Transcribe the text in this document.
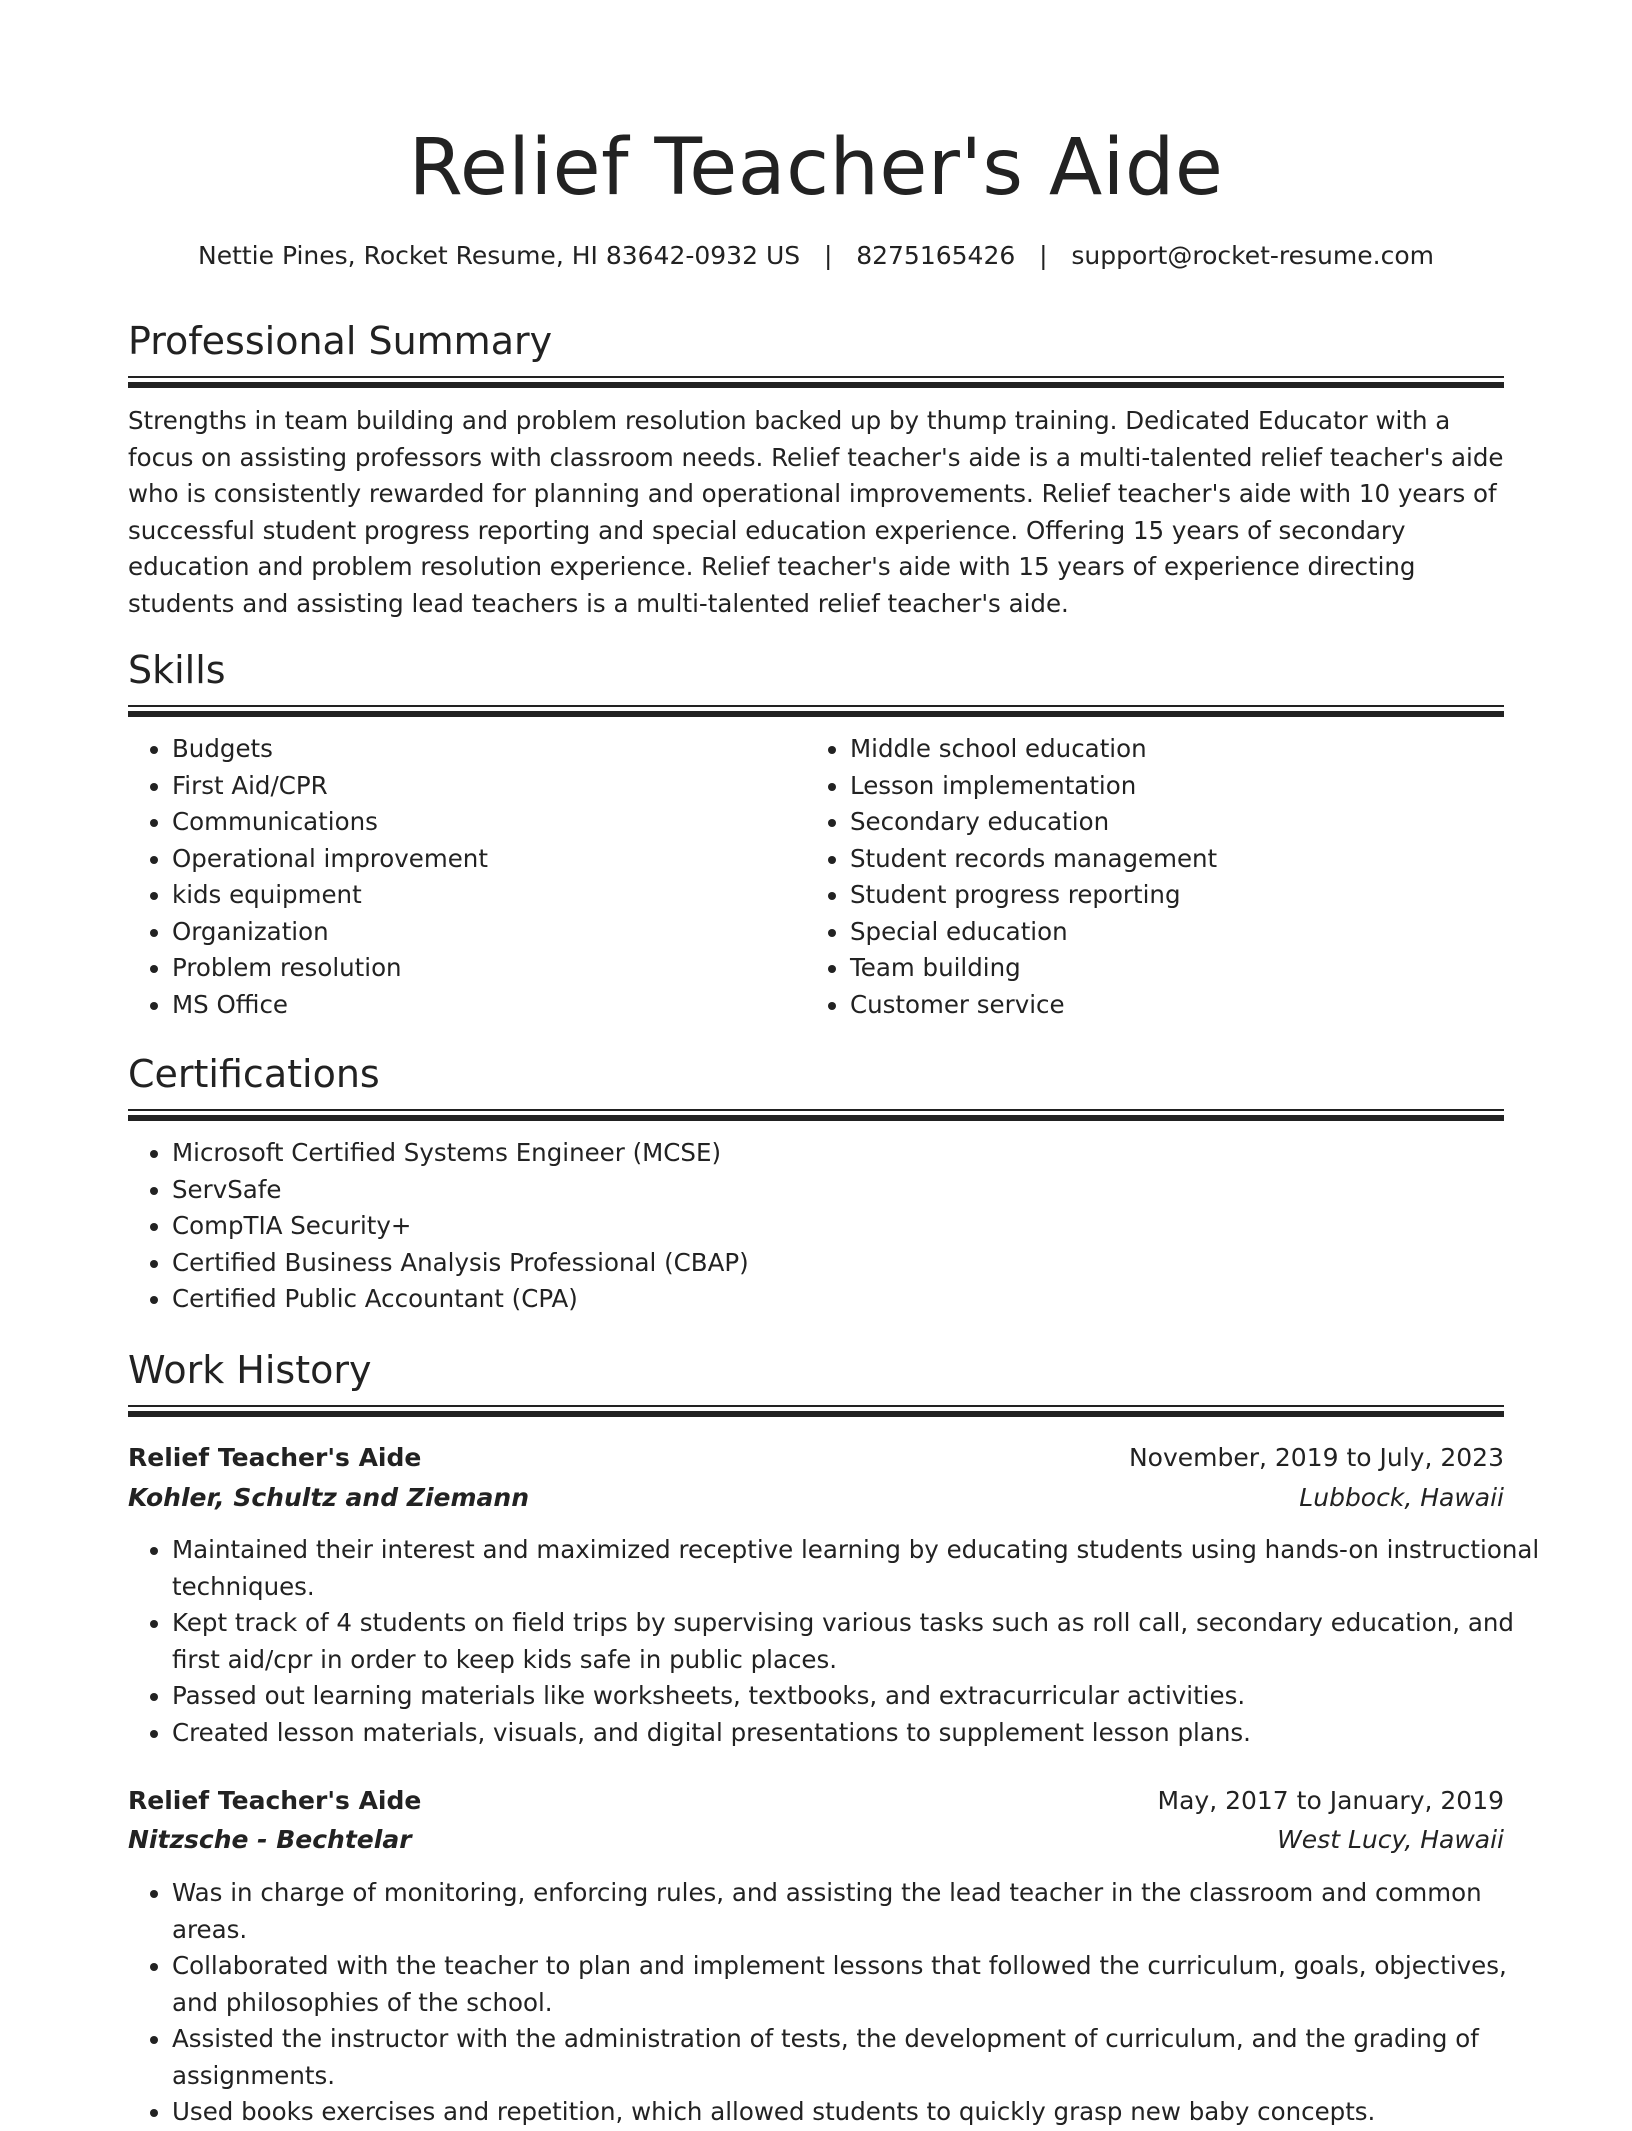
Relief Teacher's Aide
Nettie Pines, Rocket Resume, HI 83642-0932 US   |   8275165426   |   support@rocket-resume.com
Professional Summary
Strengths in team building and problem resolution backed up by thump training. Dedicated Educator with a focus on assisting professors with classroom needs. Relief teacher's aide is a multi-talented relief teacher's aide who is consistently rewarded for planning and operational improvements. Relief teacher's aide with 10 years of successful student progress reporting and special education experience. Offering 15 years of secondary education and problem resolution experience. Relief teacher's aide with 15 years of experience directing students and assisting lead teachers is a multi-talented relief teacher's aide.
Skills
• Budgets
• First Aid/CPR
• Communications
• Operational improvement
• kids equipment
• Organization
• Problem resolution
• MS Office
• Middle school education
• Lesson implementation
• Secondary education
• Student records management
• Student progress reporting
• Special education
• Team building
• Customer service
Certifications
• Microsoft Certified Systems Engineer (MCSE)
• ServSafe
• CompTIA Security+
• Certified Business Analysis Professional (CBAP)
• Certified Public Accountant (CPA)
Work History
Relief Teacher's Aide	November, 2019 to July, 2023
Kohler, Schultz and Ziemann	Lubbock, Hawaii
• Maintained their interest and maximized receptive learning by educating students using hands-on instructional techniques.
• Kept track of 4 students on field trips by supervising various tasks such as roll call, secondary education, and first aid/cpr in order to keep kids safe in public places.
• Passed out learning materials like worksheets, textbooks, and extracurricular activities.
• Created lesson materials, visuals, and digital presentations to supplement lesson plans.
Relief Teacher's Aide	May, 2017 to January, 2019
Nitzsche - Bechtelar	West Lucy, Hawaii
• Was in charge of monitoring, enforcing rules, and assisting the lead teacher in the classroom and common areas.
• Collaborated with the teacher to plan and implement lessons that followed the curriculum, goals, objectives, and philosophies of the school.
• Assisted the instructor with the administration of tests, the development of curriculum, and the grading of assignments.
• Used books exercises and repetition, which allowed students to quickly grasp new baby concepts.
